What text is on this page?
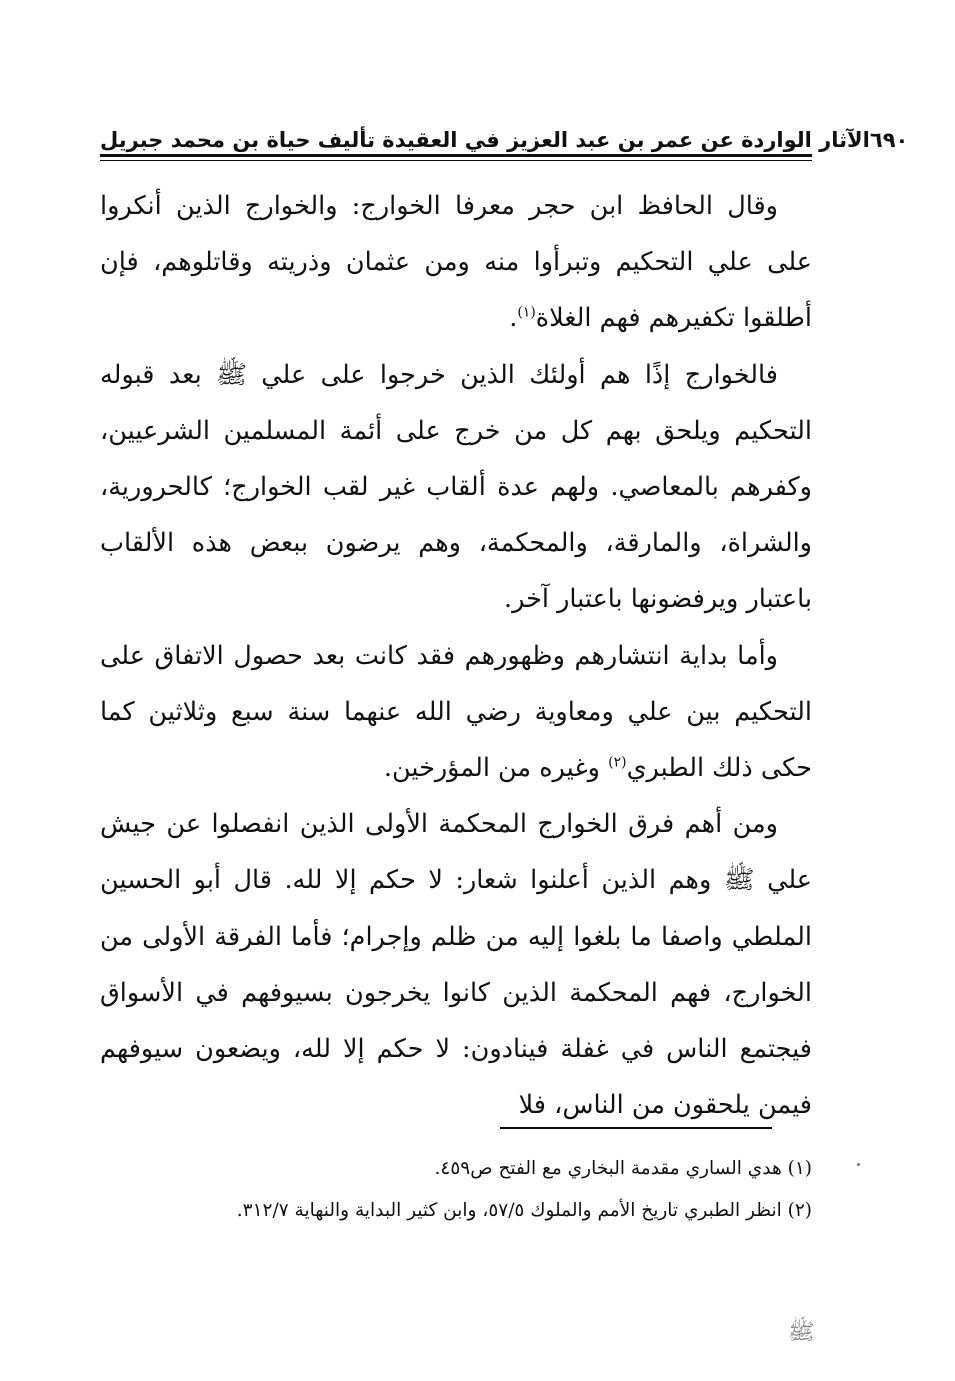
الآثار الواردة عن عمر بن عبد العزيز في العقيدة تأليف حياة بن محمد جبريل ٦٩٠

وقال الحافظ ابن حجر معرفا الخوارج: والخوارج الذين أنكروا على علي التحكيم وتبرأوا منه ومن عثمان وذريته وقاتلوهم، فإن أطلقوا تكفيرهم فهم الغلاة$^{(١)}$.

فالخوارج إذًا هم أولئك الذين خرجوا على علي ﷺ بعد قبوله التحكيم ويلحق بهم كل من خرج على أئمة المسلمين الشرعيين، وكفرهم بالمعاصي. ولهم عدة ألقاب غير لقب الخوارج؛ كالحرورية، والشراة، والمارقة، والمحكمة، وهم يرضون ببعض هذه الألقاب باعتبار ويرفضونها باعتبار آخر.

وأما بداية انتشارهم وظهورهم فقد كانت بعد حصول الاتفاق على التحكيم بين علي ومعاوية رضي الله عنهما سنة سبع وثلاثين كما حكى ذلك الطبري$^{(٢)}$ وغيره من المؤرخين.

ومن أهم فرق الخوارج المحكمة الأولى الذين انفصلوا عن جيش علي ﷺ وهم الذين أعلنوا شعار: لا حكم إلا لله. قال أبو الحسين الملطي واصفا ما بلغوا إليه من ظلم وإجرام؛ فأما الفرقة الأولى من الخوارج، فهم المحكمة الذين كانوا يخرجون بسيوفهم في الأسواق فيجتمع الناس في غفلة فينادون: لا حكم إلا لله، ويضعون سيوفهم فيمن يلحقون من الناس، فلا

(١) هدي الساري مقدمة البخاري مع الفتح ص٤٥٩.

(٢) انظر الطبري تاريخ الأمم والملوك ٥٧/٥، وابن كثير البداية والنهاية ٣١٢/٧.

ﷺ
